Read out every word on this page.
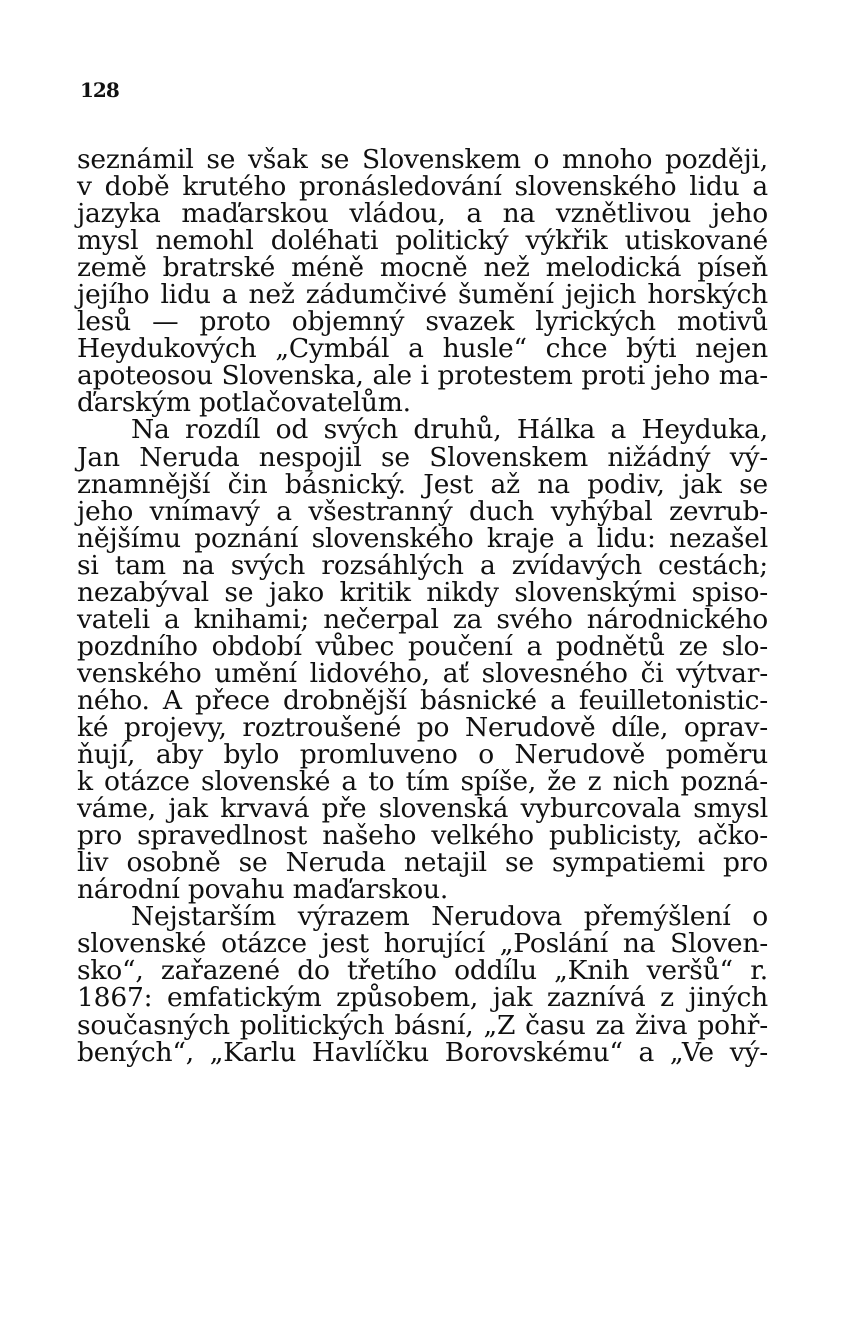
128
seznámil se však se Slovenskem o mnoho později,
v době krutého pronásledování slovenského lidu a
jazyka maďarskou vládou, a na vznětlivou jeho
mysl nemohl doléhati politický výkřik utiskované
země bratrské méně mocně než melodická píseň
jejího lidu a než zádumčivé šumění jejich horských
lesů — proto objemný svazek lyrických motivů
Heydukových „Cymbál a husle“ chce býti nejen
apoteosou Slovenska, ale i protestem proti jeho ma-
ďarským potlačovatelům.
Na rozdíl od svých druhů, Hálka a Heyduka,
Jan Neruda nespojil se Slovenskem nižádný vý-
znamnější čin básnický. Jest až na podiv, jak se
jeho vnímavý a všestranný duch vyhýbal zevrub-
nějšímu poznání slovenského kraje a lidu: nezašel
si tam na svých rozsáhlých a zvídavých cestách;
nezabýval se jako kritik nikdy slovenskými spiso-
vateli a knihami; nečerpal za svého národnického
pozdního období vůbec poučení a podnětů ze slo-
venského umění lidového, ať slovesného či výtvar-
ného. A přece drobnější básnické a feuilletonistic-
ké projevy, roztroušené po Nerudově díle, oprav-
ňují, aby bylo promluveno o Nerudově poměru
k otázce slovenské a to tím spíše, že z nich pozná-
váme, jak krvavá pře slovenská vyburcovala smysl
pro spravedlnost našeho velkého publicisty, ačko-
liv osobně se Neruda netajil se sympatiemi pro
národní povahu maďarskou.
Nejstarším výrazem Nerudova přemýšlení o
slovenské otázce jest horující „Poslání na Sloven-
sko“, zařazené do třetího oddílu „Knih veršů“ r.
1867: emfatickým způsobem, jak zaznívá z jiných
současných politických básní, „Z času za živa pohř-
bených“, „Karlu Havlíčku Borovskému“ a „Ve vý-
